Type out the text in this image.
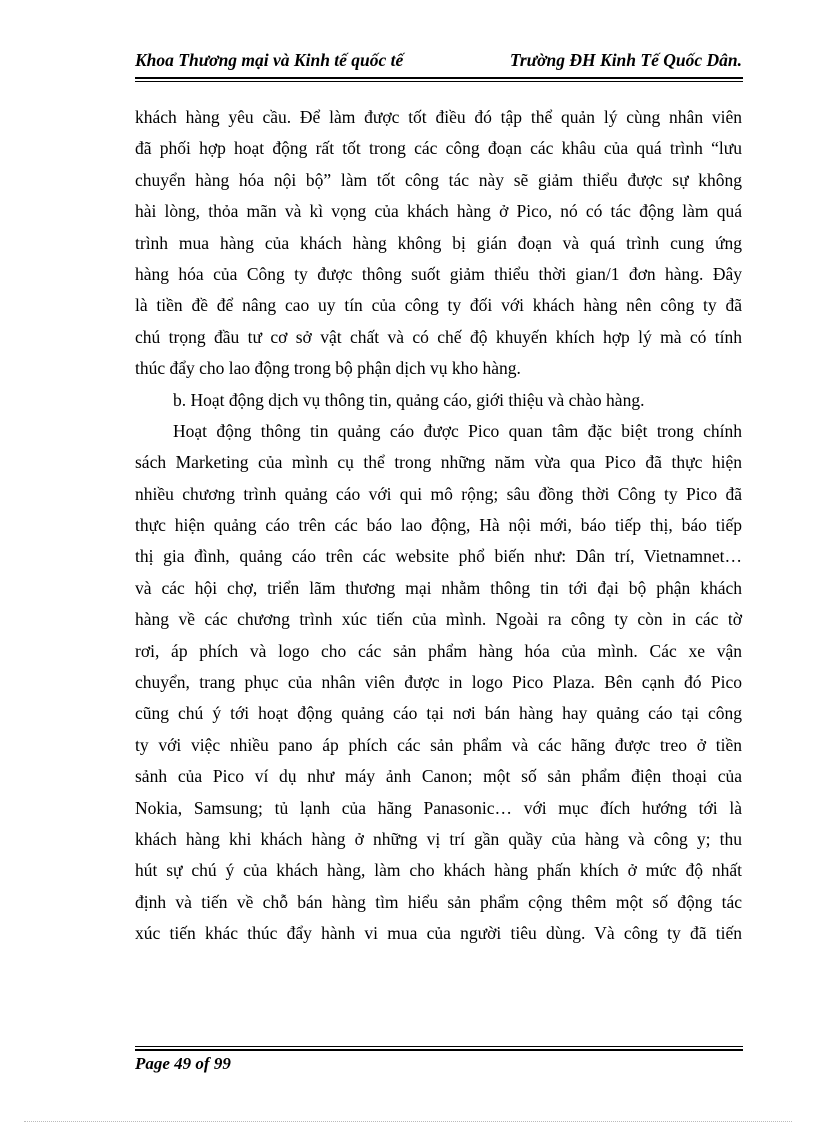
Khoa Thương mại và Kinh tế quốc tế	Trường ĐH Kinh Tế Quốc Dân.
khách hàng yêu cầu. Để làm được tốt điều đó tập thể quản lý cùng nhân viên
đã phối hợp hoạt động rất tốt trong các công đoạn các khâu của quá trình “lưu
chuyển hàng hóa nội bộ” làm tốt công tác này sẽ giảm thiểu được sự không
hài lòng, thỏa mãn và kì vọng của khách hàng ở Pico, nó có tác động làm quá
trình mua hàng của khách hàng không bị gián đoạn và quá trình cung ứng
hàng hóa của Công ty được thông suốt giảm thiểu thời gian/1 đơn hàng. Đây
là tiền đề để nâng cao uy tín của công ty đối với khách hàng nên công ty đã
chú trọng đầu tư cơ sở vật chất và có chế độ khuyến khích hợp lý mà có tính
thúc đẩy cho lao động trong bộ phận dịch vụ kho hàng.
b. Hoạt động dịch vụ thông tin, quảng cáo, giới thiệu và chào hàng.
Hoạt động thông tin quảng cáo được Pico quan tâm đặc biệt trong chính
sách Marketing của mình cụ thể trong những năm vừa qua Pico đã thực hiện
nhiều chương trình quảng cáo với qui mô rộng; sâu đồng thời Công ty Pico đã
thực hiện quảng cáo trên các báo lao động, Hà nội mới, báo tiếp thị, báo tiếp
thị gia đình, quảng cáo trên các website phổ biến như: Dân trí, Vietnamnet…
và các hội chợ, triển lãm thương mại nhằm thông tin tới đại bộ phận khách
hàng về các chương trình xúc tiến của mình. Ngoài ra công ty còn in các tờ
rơi, áp phích và logo cho các sản phẩm hàng hóa của mình. Các xe vận
chuyển, trang phục của nhân viên được in logo Pico Plaza. Bên cạnh đó Pico
cũng chú ý tới hoạt động quảng cáo tại nơi bán hàng hay quảng cáo tại công
ty với việc nhiều pano áp phích các sản phẩm và các hãng được treo ở tiền
sảnh của Pico ví dụ như máy ảnh Canon; một số sản phẩm điện thoại của
Nokia, Samsung; tủ lạnh của hãng Panasonic… với mục đích hướng tới là
khách hàng khi khách hàng ở những vị trí gần quầy của hàng và công y; thu
hút sự chú ý của khách hàng, làm cho khách hàng phấn khích ở mức độ nhất
định và tiến về chỗ bán hàng tìm hiểu sản phẩm cộng thêm một số động tác
xúc tiến khác thúc đẩy hành vi mua của người tiêu dùng. Và công ty đã tiến
Page 49 of 99
